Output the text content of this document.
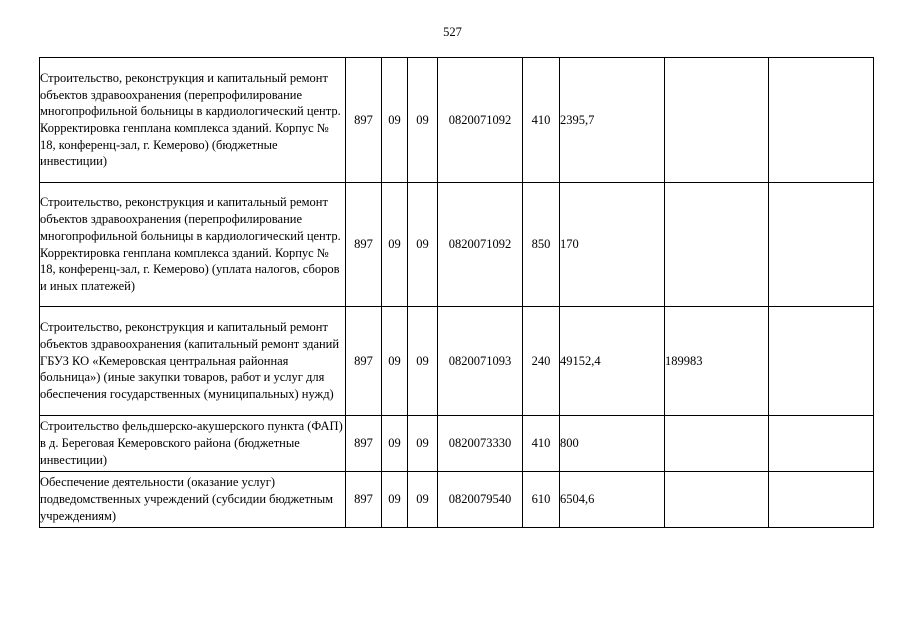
527
Строительство, реконструкция и капитальный ремонт объектов здравоохранения (перепрофилирование многопрофильной больницы в кардиологический центр. Корректировка генплана комплекса зданий. Корпус № 18, конференц-зал, г. Кемерово) (бюджетные инвестиции)	897	09	09	0820071092	410	2395,7		
Строительство, реконструкция и капитальный ремонт объектов здравоохранения (перепрофилирование многопрофильной больницы в кардиологический центр. Корректировка генплана комплекса зданий. Корпус № 18, конференц-зал, г. Кемерово) (уплата налогов, сборов и иных платежей)	897	09	09	0820071092	850	170		
Строительство, реконструкция и капитальный ремонт объектов здравоохранения (капитальный ремонт зданий ГБУЗ КО «Кемеровская центральная районная больница») (иные закупки товаров, работ и услуг для обеспечения государственных (муниципальных) нужд)	897	09	09	0820071093	240	49152,4	189983	
Строительство фельдшерско-акушерского пункта (ФАП) в д. Береговая Кемеровского района (бюджетные инвестиции)	897	09	09	0820073330	410	800		
Обеспечение деятельности (оказание услуг) подведомственных учреждений (субсидии бюджетным учреждениям)	897	09	09	0820079540	610	6504,6		
